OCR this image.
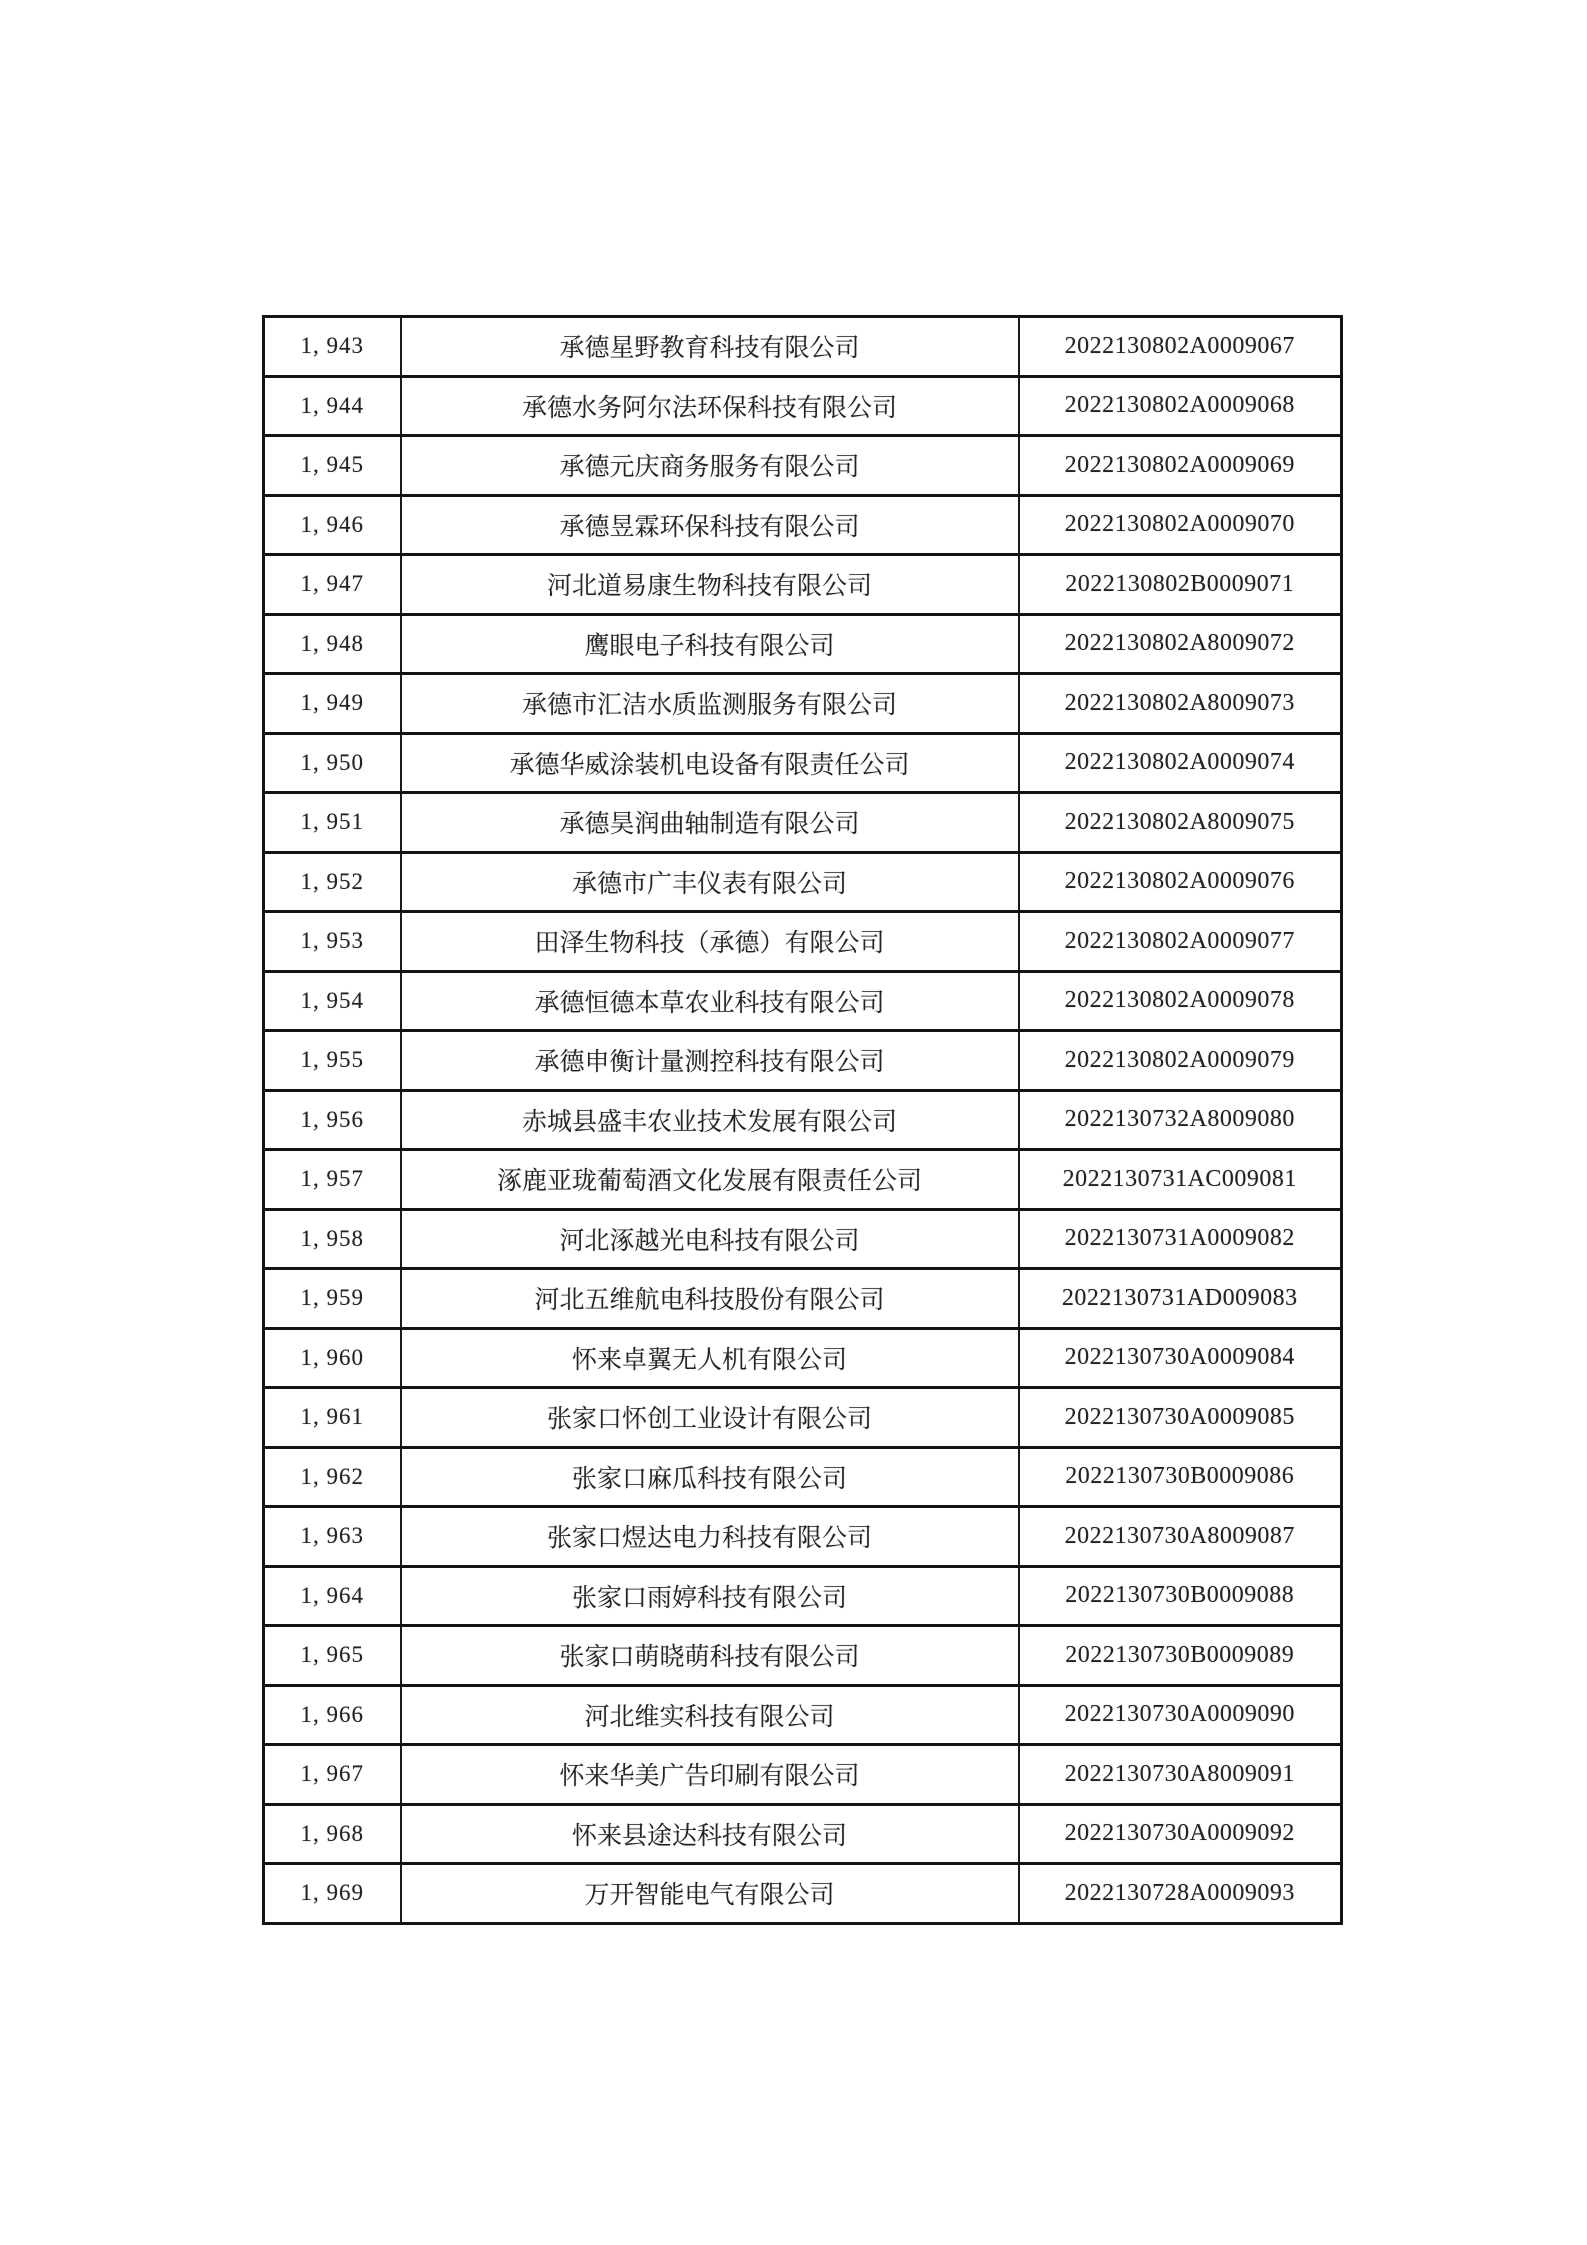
1, 943	承德星野教育科技有限公司	2022130802A0009067
1, 944	承德水务阿尔法环保科技有限公司	2022130802A0009068
1, 945	承德元庆商务服务有限公司	2022130802A0009069
1, 946	承德昱霖环保科技有限公司	2022130802A0009070
1, 947	河北道易康生物科技有限公司	2022130802B0009071
1, 948	鹰眼电子科技有限公司	2022130802A8009072
1, 949	承德市汇洁水质监测服务有限公司	2022130802A8009073
1, 950	承德华威涂装机电设备有限责任公司	2022130802A0009074
1, 951	承德昊润曲轴制造有限公司	2022130802A8009075
1, 952	承德市广丰仪表有限公司	2022130802A0009076
1, 953	田泽生物科技（承德）有限公司	2022130802A0009077
1, 954	承德恒德本草农业科技有限公司	2022130802A0009078
1, 955	承德申衡计量测控科技有限公司	2022130802A0009079
1, 956	赤城县盛丰农业技术发展有限公司	2022130732A8009080
1, 957	涿鹿亚珑葡萄酒文化发展有限责任公司	2022130731AC009081
1, 958	河北涿越光电科技有限公司	2022130731A0009082
1, 959	河北五维航电科技股份有限公司	2022130731AD009083
1, 960	怀来卓翼无人机有限公司	2022130730A0009084
1, 961	张家口怀创工业设计有限公司	2022130730A0009085
1, 962	张家口麻瓜科技有限公司	2022130730B0009086
1, 963	张家口煜达电力科技有限公司	2022130730A8009087
1, 964	张家口雨婷科技有限公司	2022130730B0009088
1, 965	张家口萌晓萌科技有限公司	2022130730B0009089
1, 966	河北维实科技有限公司	2022130730A0009090
1, 967	怀来华美广告印刷有限公司	2022130730A8009091
1, 968	怀来县途达科技有限公司	2022130730A0009092
1, 969	万开智能电气有限公司	2022130728A0009093
